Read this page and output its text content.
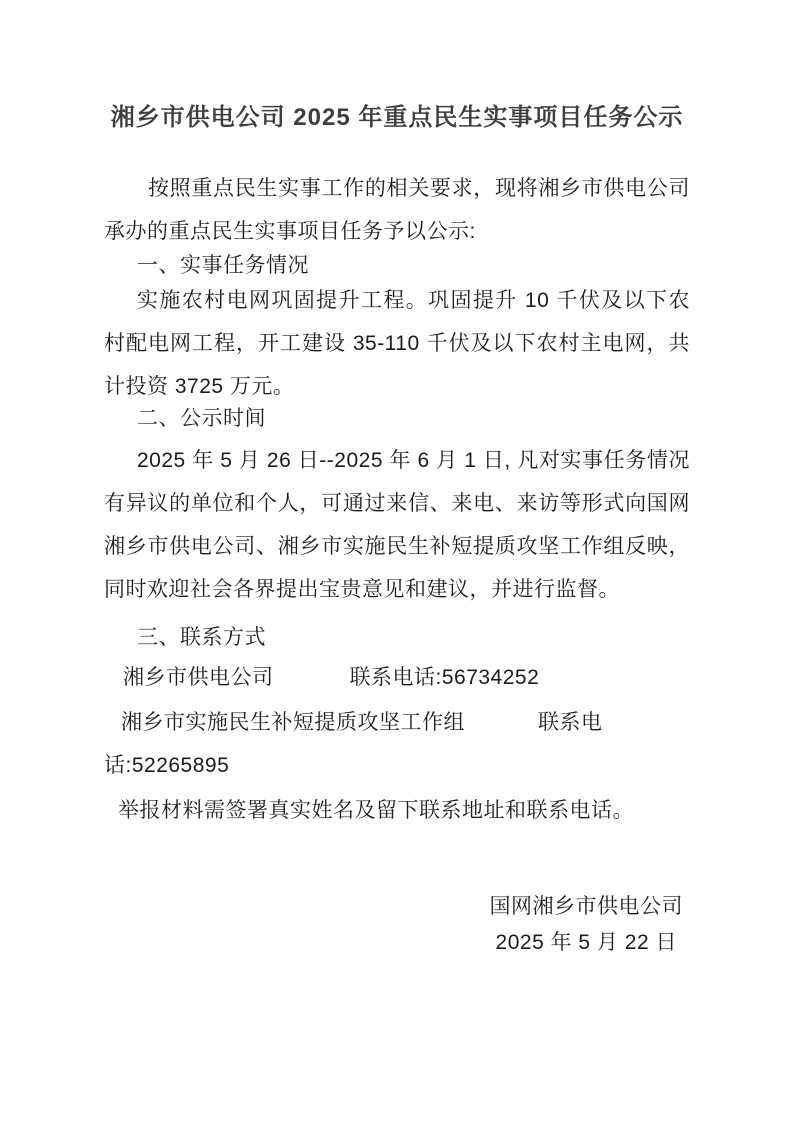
湘乡市供电公司 2025 年重点民生实事项目任务公示

按照重点民生实事工作的相关要求，现将湘乡市供电公司承办的重点民生实事项目任务予以公示:

一、实事任务情况

实施农村电网巩固提升工程。巩固提升 10 千伏及以下农村配电网工程，开工建设 35-110 千伏及以下农村主电网，共计投资 3725 万元。

二、公示时间

2025 年 5 月 26 日--2025 年 6 月 1 日, 凡对实事任务情况有异议的单位和个人，可通过来信、来电、来访等形式向国网湘乡市供电公司、湘乡市实施民生补短提质攻坚工作组反映，同时欢迎社会各界提出宝贵意见和建议，并进行监督。

三、联系方式

湘乡市供电公司	联系电话:56734252

湘乡市实施民生补短提质攻坚工作组	联系电话:52265895

举报材料需签署真实姓名及留下联系地址和联系电话。

国网湘乡市供电公司

2025 年 5 月 22 日
